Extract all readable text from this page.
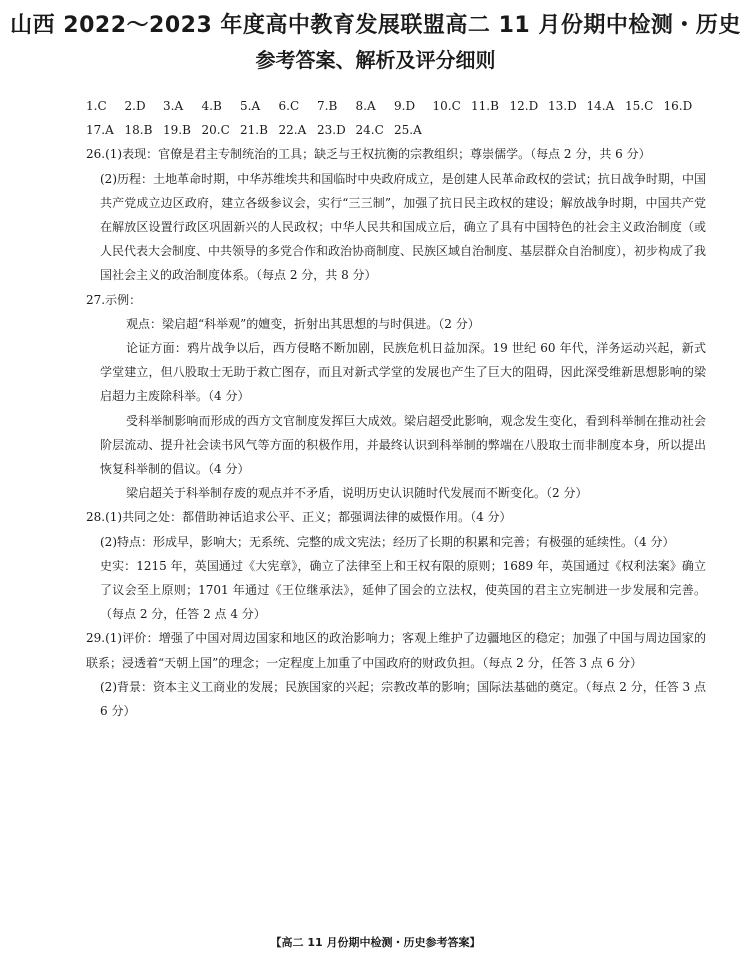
山西 2022～2023 年度高中教育发展联盟高二 11 月份期中检测・历史
参考答案、解析及评分细则
1.C 2.D 3.A 4.B 5.A 6.C 7.B 8.A 9.D 10.C 11.B 12.D 13.D 14.A 15.C 16.D
17.A 18.B 19.B 20.C 21.B 22.A 23.D 24.C 25.A

26.(1)表现：官僚是君主专制统治的工具；缺乏与王权抗衡的宗教组织；尊崇儒学。（每点 2 分，共 6 分）

(2)历程：土地革命时期，中华苏维埃共和国临时中央政府成立，是创建人民革命政权的尝试；抗日战争时期，中国共产党成立边区政府，建立各级参议会，实行“三三制”，加强了抗日民主政权的建设；解放战争时期，中国共产党在解放区设置行政区巩固新兴的人民政权；中华人民共和国成立后，确立了具有中国特色的社会主义政治制度（或人民代表大会制度、中共领导的多党合作和政治协商制度、民族区域自治制度、基层群众自治制度），初步构成了我国社会主义的政治制度体系。（每点 2 分，共 8 分）

27.示例：

观点：梁启超“科举观”的嬗变，折射出其思想的与时俱进。（2 分）

论证方面：鸦片战争以后，西方侵略不断加剧，民族危机日益加深。19 世纪 60 年代，洋务运动兴起，新式学堂建立，但八股取士无助于救亡图存，而且对新式学堂的发展也产生了巨大的阻碍，因此深受维新思想影响的梁启超力主废除科举。（4 分）

受科举制影响而形成的西方文官制度发挥巨大成效。梁启超受此影响，观念发生变化，看到科举制在推动社会阶层流动、提升社会读书风气等方面的积极作用，并最终认识到科举制的弊端在八股取士而非制度本身，所以提出恢复科举制的倡议。（4 分）

梁启超关于科举制存废的观点并不矛盾，说明历史认识随时代发展而不断变化。（2 分）

28.(1)共同之处：都借助神话追求公平、正义；都强调法律的威慑作用。（4 分）

(2)特点：形成早，影响大；无系统、完整的成文宪法；经历了长期的积累和完善；有极强的延续性。（4 分）

史实：1215 年，英国通过《大宪章》，确立了法律至上和王权有限的原则；1689 年，英国通过《权利法案》确立了议会至上原则；1701 年通过《王位继承法》，延伸了国会的立法权，使英国的君主立宪制进一步发展和完善。（每点 2 分，任答 2 点 4 分）

29.(1)评价：增强了中国对周边国家和地区的政治影响力；客观上维护了边疆地区的稳定；加强了中国与周边国家的联系；浸透着“天朝上国”的理念；一定程度上加重了中国政府的财政负担。（每点 2 分，任答 3 点 6 分）

(2)背景：资本主义工商业的发展；民族国家的兴起；宗教改革的影响；国际法基础的奠定。（每点 2 分，任答 3 点 6 分）

【高二 11 月份期中检测・历史参考答案】
